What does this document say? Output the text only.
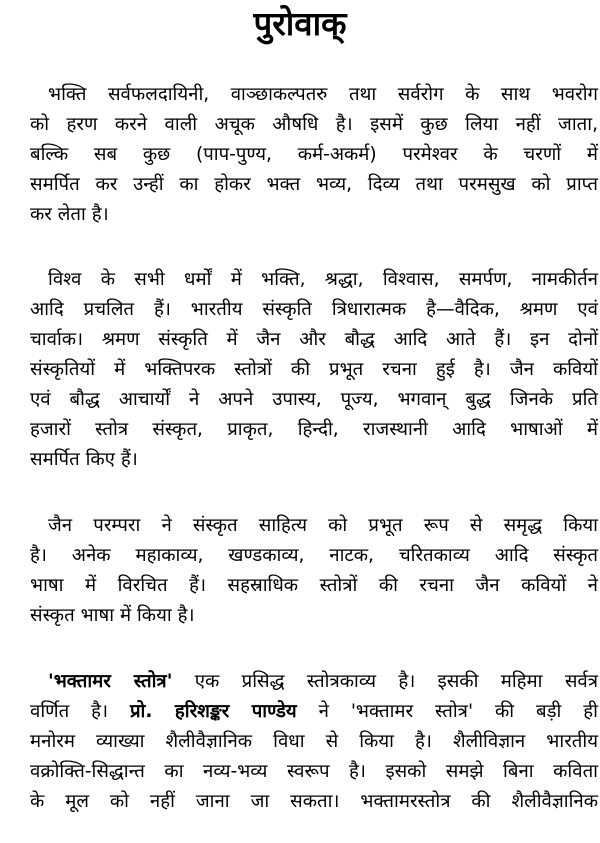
पुरोवाक्
भक्ति सर्वफलदायिनी, वाञ्छाकल्पतरु तथा सर्वरोग के साथ भवरोग
को हरण करने वाली अचूक औषधि है। इसमें कुछ लिया नहीं जाता,
बल्कि सब कुछ (पाप-पुण्य, कर्म-अकर्म) परमेश्वर के चरणों में
समर्पित कर उन्हीं का होकर भक्त भव्य, दिव्य तथा परमसुख को प्राप्त
कर लेता है।
विश्व के सभी धर्मों में भक्ति, श्रद्धा, विश्वास, समर्पण, नामकीर्तन
आदि प्रचलित हैं। भारतीय संस्कृति त्रिधारात्मक है—वैदिक, श्रमण एवं
चार्वाक। श्रमण संस्कृति में जैन और बौद्ध आदि आते हैं। इन दोनों
संस्कृतियों में भक्तिपरक स्तोत्रों की प्रभूत रचना हुई है। जैन कवियों
एवं बौद्ध आचार्यों ने अपने उपास्य, पूज्य, भगवान् बुद्ध जिनके प्रति
हजारों स्तोत्र संस्कृत, प्राकृत, हिन्दी, राजस्थानी आदि भाषाओं में
समर्पित किए हैं।
जैन परम्परा ने संस्कृत साहित्य को प्रभूत रूप से समृद्ध किया
है। अनेक महाकाव्य, खण्डकाव्य, नाटक, चरितकाव्य आदि संस्कृत
भाषा में विरचित हैं। सहस्राधिक स्तोत्रों की रचना जैन कवियों ने
संस्कृत भाषा में किया है।
'भक्तामर स्तोत्र' एक प्रसिद्ध स्तोत्रकाव्य है। इसकी महिमा सर्वत्र
वर्णित है। प्रो. हरिशङ्कर पाण्डेय ने 'भक्तामर स्तोत्र' की बड़ी ही
मनोरम व्याख्या शैलीवैज्ञानिक विधा से किया है। शैलीविज्ञान भारतीय
वक्रोक्ति-सिद्धान्त का नव्य-भव्य स्वरूप है। इसको समझे बिना कविता
के मूल को नहीं जाना जा सकता। भक्तामरस्तोत्र की शैलीवैज्ञानिक
